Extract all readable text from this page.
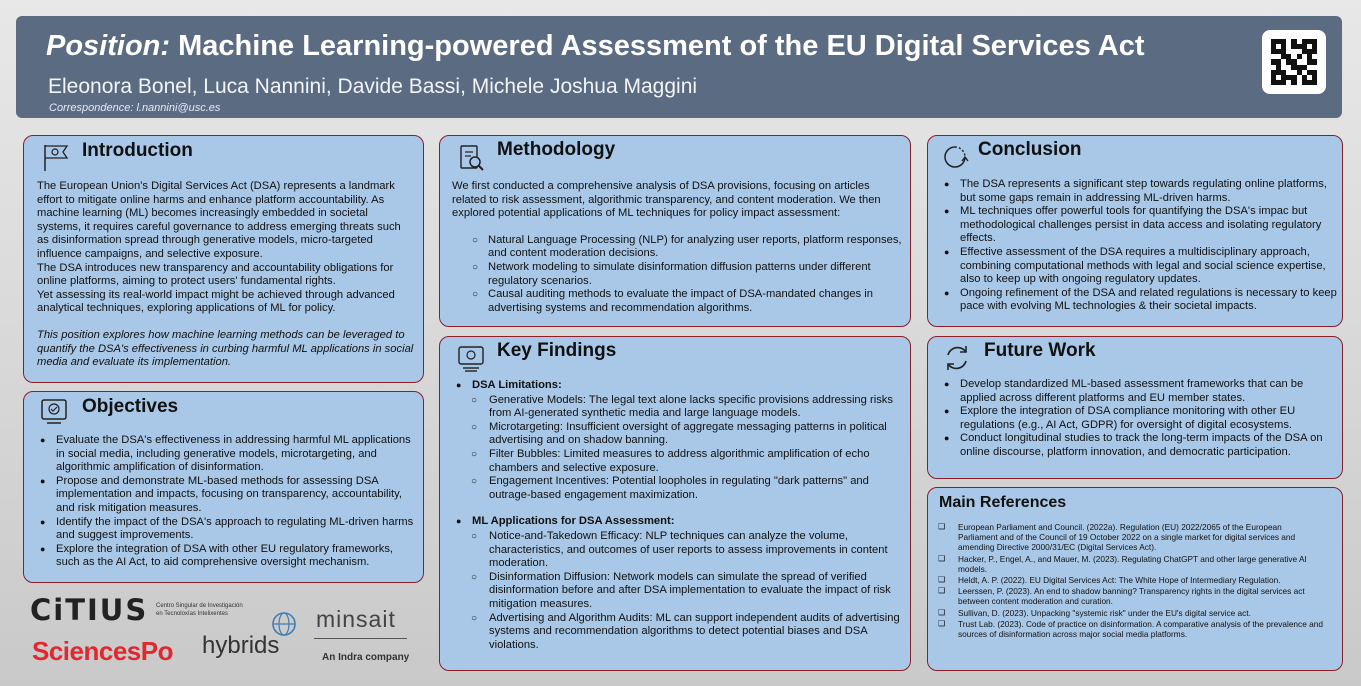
Position: Machine Learning-powered Assessment of the EU Digital Services Act
Eleonora Bonel, Luca Nannini, Davide Bassi, Michele Joshua Maggini
Correspondence: l.nannini@usc.es
Introduction

The European Union's Digital Services Act (DSA) represents a landmark effort to mitigate online harms and enhance platform accountability. As machine learning (ML) becomes increasingly embedded in societal systems, it requires careful governance to address emerging threats such as disinformation spread through generative models, micro-targeted influence campaigns, and selective exposure.

The DSA introduces new transparency and accountability obligations for online platforms, aiming to protect users' fundamental rights.

Yet assessing its real-world impact might be achieved through advanced analytical techniques, exploring applications of ML for policy.

This position explores how machine learning methods can be leveraged to quantify the DSA's effectiveness in curbing harmful ML applications in social media and evaluate its implementation.

Objectives
● Evaluate the DSA's effectiveness in addressing harmful ML applications in social media, including generative models, microtargeting, and algorithmic amplification of disinformation.
● Propose and demonstrate ML-based methods for assessing DSA implementation and impacts, focusing on transparency, accountability, and risk mitigation measures.
● Identify the impact of the DSA's approach to regulating ML-driven harms and suggest improvements.
● Explore the integration of DSA with other EU regulatory frameworks, such as the AI Act, to aid comprehensive oversight mechanism.
CiTIUS Centro Singular de Investigación
en Tecnoloxías Intelixentes
SciencesPo hybrids
minsait
An Indra company
Methodology

We first conducted a comprehensive analysis of DSA provisions, focusing on articles related to risk assessment, algorithmic transparency, and content moderation. We then explored potential applications of ML techniques for policy impact assessment:

○ Natural Language Processing (NLP) for analyzing user reports, platform responses, and content moderation decisions.
○ Network modeling to simulate disinformation diffusion patterns under different regulatory scenarios.
○ Causal auditing methods to evaluate the impact of DSA-mandated changes in advertising systems and recommendation algorithms.
Key Findings
● DSA Limitations:
○ Generative Models: The legal text alone lacks specific provisions addressing risks from AI-generated synthetic media and large language models.
○ Microtargeting: Insufficient oversight of aggregate messaging patterns in political advertising and on shadow banning.
○ Filter Bubbles: Limited measures to address algorithmic amplification of echo chambers and selective exposure.
○ Engagement Incentives: Potential loopholes in regulating "dark patterns" and outrage-based engagement maximization.
● ML Applications for DSA Assessment:
○ Notice-and-Takedown Efficacy: NLP techniques can analyze the volume, characteristics, and outcomes of user reports to assess improvements in content moderation.
○ Disinformation Diffusion: Network models can simulate the spread of verified disinformation before and after DSA implementation to evaluate the impact of risk mitigation measures.
○ Advertising and Algorithm Audits: ML can support independent audits of advertising systems and recommendation algorithms to detect potential biases and DSA violations.
Conclusion
● The DSA represents a significant step towards regulating online platforms, but some gaps remain in addressing ML-driven harms.
● ML techniques offer powerful tools for quantifying the DSA's impac but methodological challenges persist in data access and isolating regulatory effects.
● Effective assessment of the DSA requires a multidisciplinary approach, combining computational methods with legal and social science expertise, also to keep up with ongoing regulatory updates.
● Ongoing refinement of the DSA and related regulations is necessary to keep pace with evolving ML technologies & their societal impacts.
Future Work
● Develop standardized ML-based assessment frameworks that can be applied across different platforms and EU member states.
● Explore the integration of DSA compliance monitoring with other EU regulations (e.g., AI Act, GDPR) for oversight of digital ecosystems.
● Conduct longitudinal studies to track the long-term impacts of the DSA on online discourse, platform innovation, and democratic participation.
Main References
❏ European Parliament and Council. (2022a). Regulation (EU) 2022/2065 of the European Parliament and of the Council of 19 October 2022 on a single market for digital services and amending Directive 2000/31/EC (Digital Services Act).
❏ Hacker, P., Engel, A., and Mauer, M. (2023). Regulating ChatGPT and other large generative AI models.
❏ Heldt, A. P. (2022). EU Digital Services Act: The White Hope of Intermediary Regulation.
❏ Leerssen, P. (2023). An end to shadow banning? Transparency rights in the digital services act between content moderation and curation.
❏ Sullivan, D. (2023). Unpacking "systemic risk" under the EU's digital service act.
❏ Trust Lab. (2023). Code of practice on disinformation. A comparative analysis of the prevalence and sources of disinformation across major social media platforms.
